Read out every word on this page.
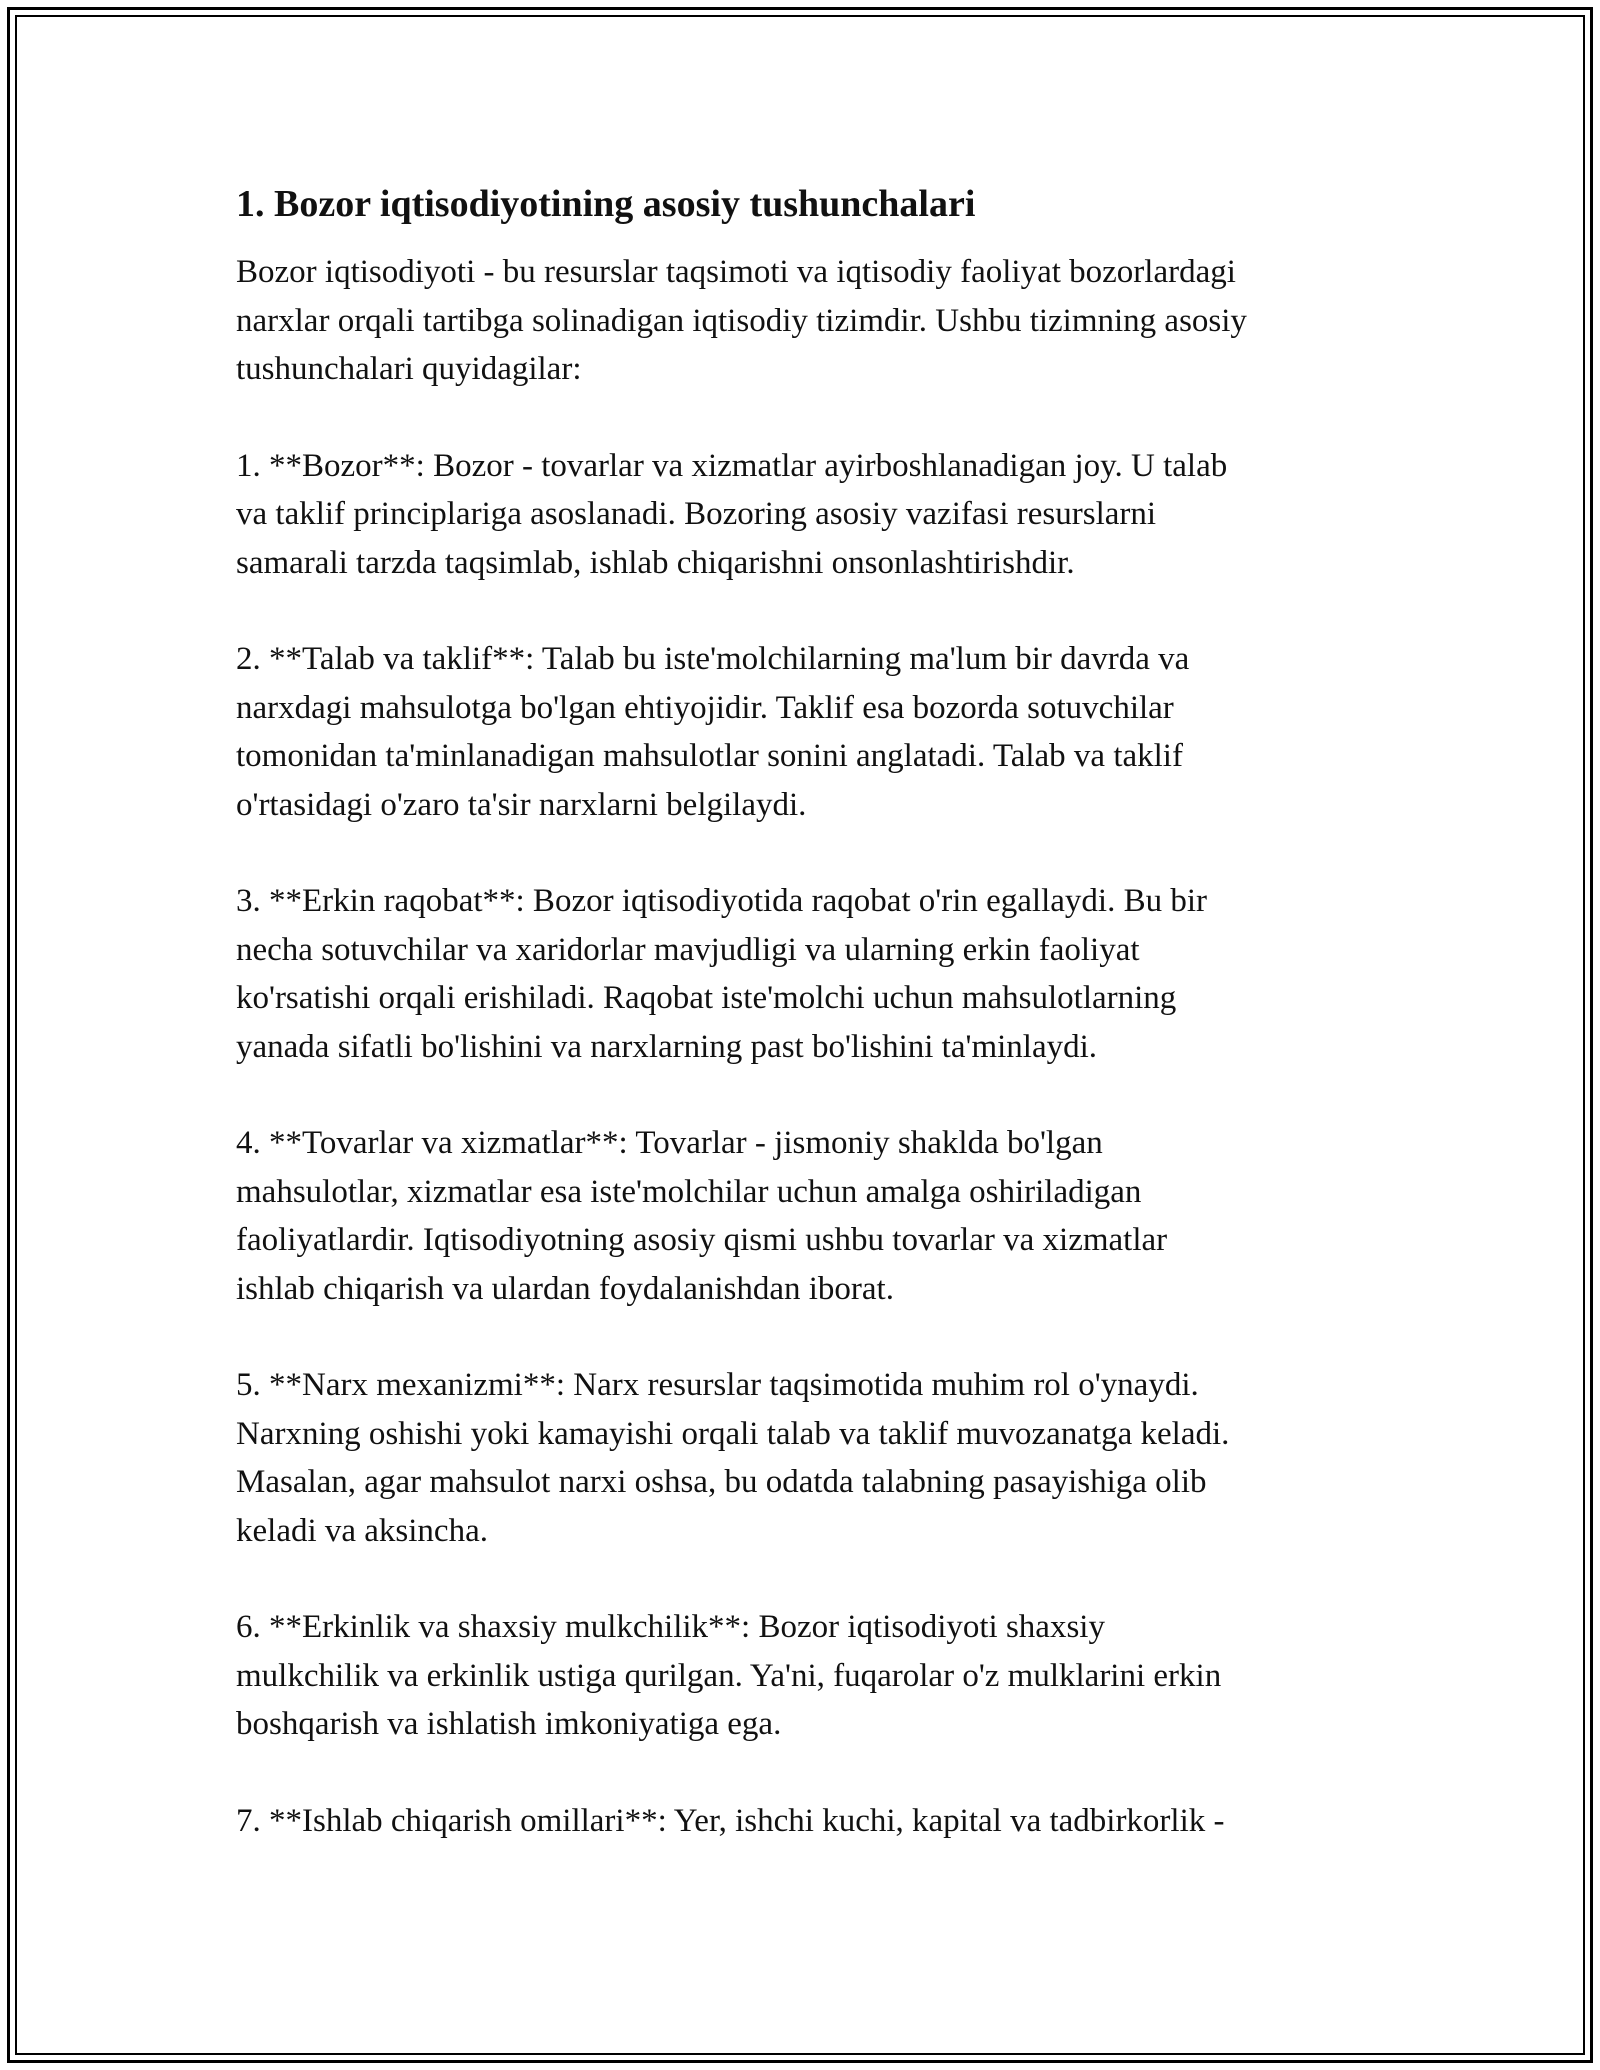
1. Bozor iqtisodiyotining asosiy tushunchalari
Bozor iqtisodiyoti - bu resurslar taqsimoti va iqtisodiy faoliyat bozorlardagi
narxlar orqali tartibga solinadigan iqtisodiy tizimdir. Ushbu tizimning asosiy
tushunchalari quyidagilar:
1. **Bozor**: Bozor - tovarlar va xizmatlar ayirboshlanadigan joy. U talab
va taklif principlariga asoslanadi. Bozoring asosiy vazifasi resurslarni
samarali tarzda taqsimlab, ishlab chiqarishni onsonlashtirishdir.
2. **Talab va taklif**: Talab bu iste'molchilarning ma'lum bir davrda va
narxdagi mahsulotga bo'lgan ehtiyojidir. Taklif esa bozorda sotuvchilar
tomonidan ta'minlanadigan mahsulotlar sonini anglatadi. Talab va taklif
o'rtasidagi o'zaro ta'sir narxlarni belgilaydi.
3. **Erkin raqobat**: Bozor iqtisodiyotida raqobat o'rin egallaydi. Bu bir
necha sotuvchilar va xaridorlar mavjudligi va ularning erkin faoliyat
ko'rsatishi orqali erishiladi. Raqobat iste'molchi uchun mahsulotlarning
yanada sifatli bo'lishini va narxlarning past bo'lishini ta'minlaydi.
4. **Tovarlar va xizmatlar**: Tovarlar - jismoniy shaklda bo'lgan
mahsulotlar, xizmatlar esa iste'molchilar uchun amalga oshiriladigan
faoliyatlardir. Iqtisodiyotning asosiy qismi ushbu tovarlar va xizmatlar
ishlab chiqarish va ulardan foydalanishdan iborat.
5. **Narx mexanizmi**: Narx resurslar taqsimotida muhim rol o'ynaydi.
Narxning oshishi yoki kamayishi orqali talab va taklif muvozanatga keladi.
Masalan, agar mahsulot narxi oshsa, bu odatda talabning pasayishiga olib
keladi va aksincha.
6. **Erkinlik va shaxsiy mulkchilik**: Bozor iqtisodiyoti shaxsiy
mulkchilik va erkinlik ustiga qurilgan. Ya'ni, fuqarolar o'z mulklarini erkin
boshqarish va ishlatish imkoniyatiga ega.
7. **Ishlab chiqarish omillari**: Yer, ishchi kuchi, kapital va tadbirkorlik -
